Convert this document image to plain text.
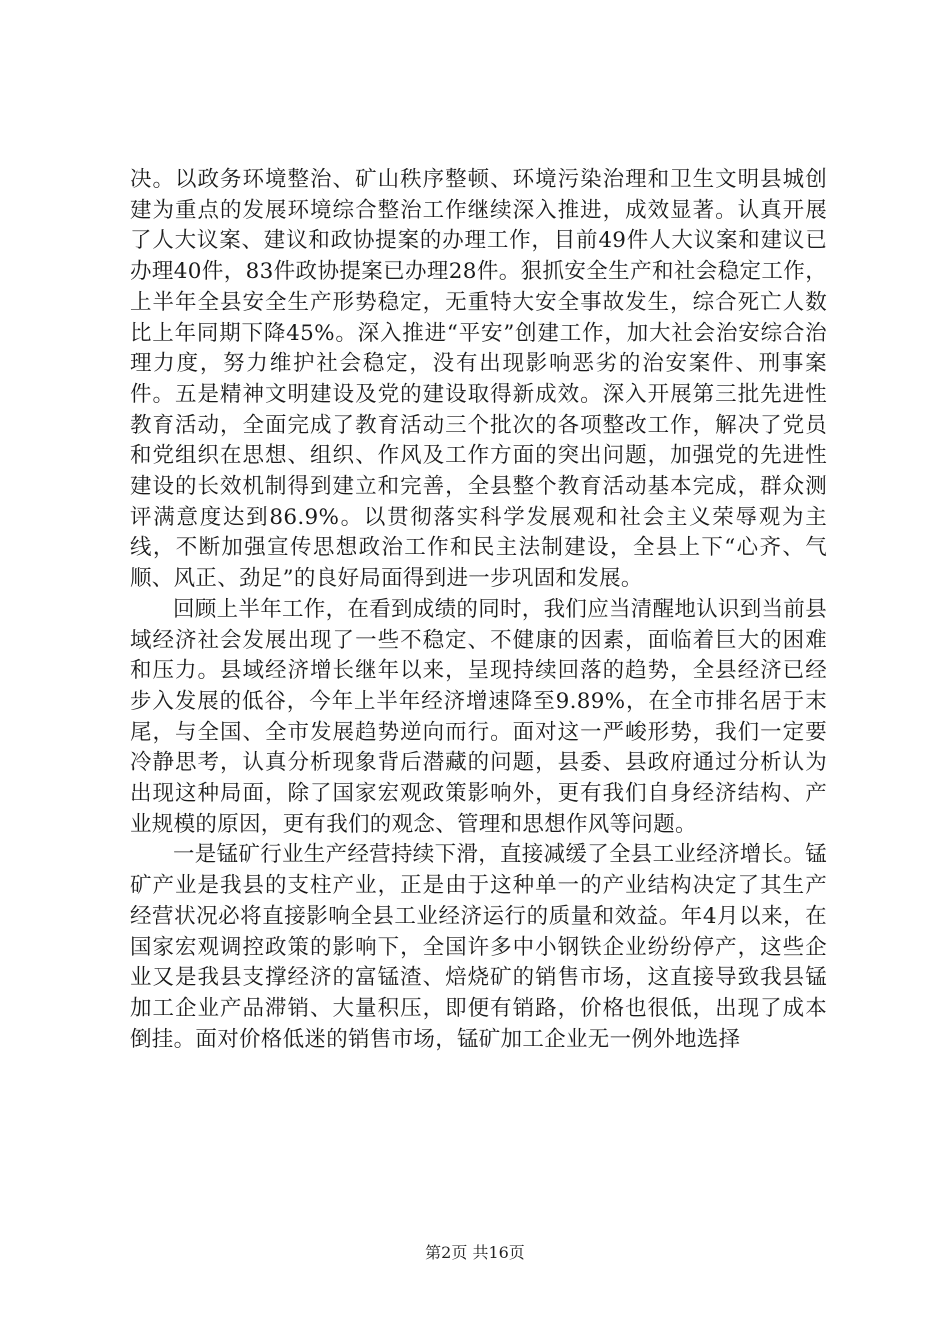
决。以政务环境整治、矿山秩序整顿、环境污染治理和卫生文明县城创建为重点的发展环境综合整治工作继续深入推进，成效显著。认真开展了人大议案、建议和政协提案的办理工作，目前49件人大议案和建议已办理40件，83件政协提案已办理28件。狠抓安全生产和社会稳定工作，上半年全县安全生产形势稳定，无重特大安全事故发生，综合死亡人数比上年同期下降45%。深入推进“平安”创建工作，加大社会治安综合治理力度，努力维护社会稳定，没有出现影响恶劣的治安案件、刑事案件。五是精神文明建设及党的建设取得新成效。深入开展第三批先进性教育活动，全面完成了教育活动三个批次的各项整改工作，解决了党员和党组织在思想、组织、作风及工作方面的突出问题，加强党的先进性建设的长效机制得到建立和完善，全县整个教育活动基本完成，群众测评满意度达到86.9%。以贯彻落实科学发展观和社会主义荣辱观为主线，不断加强宣传思想政治工作和民主法制建设，全县上下“心齐、气顺、风正、劲足”的良好局面得到进一步巩固和发展。

回顾上半年工作，在看到成绩的同时，我们应当清醒地认识到当前县域经济社会发展出现了一些不稳定、不健康的因素，面临着巨大的困难和压力。县域经济增长继年以来，呈现持续回落的趋势，全县经济已经步入发展的低谷，今年上半年经济增速降至9.89%，在全市排名居于末尾，与全国、全市发展趋势逆向而行。面对这一严峻形势，我们一定要冷静思考，认真分析现象背后潜藏的问题，县委、县政府通过分析认为出现这种局面，除了国家宏观政策影响外，更有我们自身经济结构、产业规模的原因，更有我们的观念、管理和思想作风等问题。

一是锰矿行业生产经营持续下滑，直接减缓了全县工业经济增长。锰矿产业是我县的支柱产业，正是由于这种单一的产业结构决定了其生产经营状况必将直接影响全县工业经济运行的质量和效益。年4月以来，在国家宏观调控政策的影响下，全国许多中小钢铁企业纷纷停产，这些企业又是我县支撑经济的富锰渣、焙烧矿的销售市场，这直接导致我县锰加工企业产品滞销、大量积压，即便有销路，价格也很低，出现了成本倒挂。面对价格低迷的销售市场，锰矿加工企业无一例外地选择

第2页 共16页
